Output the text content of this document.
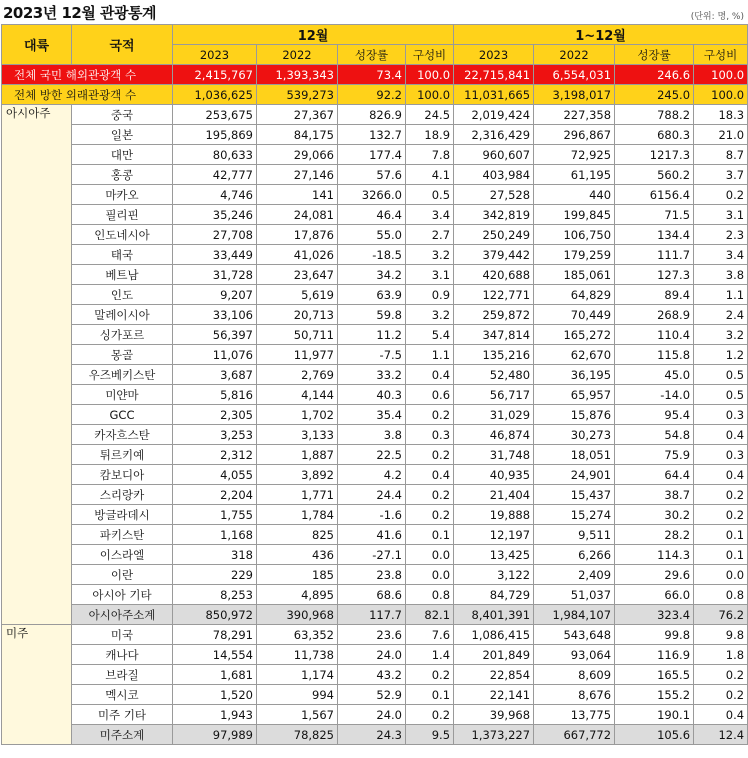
2023년 12월 관광통계	(단위: 명, %)
대륙	국적	12월				1~12월			
		2023	2022	성장률	구성비	2023	2022	성장률	구성비
전체 국민 해외관광객 수		2,415,767	1,393,343	73.4	100.0	22,715,841	6,554,031	246.6	100.0
전체 방한 외래관광객 수		1,036,625	539,273	92.2	100.0	11,031,665	3,198,017	245.0	100.0
아시아주	중국	253,675	27,367	826.9	24.5	2,019,424	227,358	788.2	18.3
	일본	195,869	84,175	132.7	18.9	2,316,429	296,867	680.3	21.0
	대만	80,633	29,066	177.4	7.8	960,607	72,925	1217.3	8.7
	홍콩	42,777	27,146	57.6	4.1	403,984	61,195	560.2	3.7
	마카오	4,746	141	3266.0	0.5	27,528	440	6156.4	0.2
	필리핀	35,246	24,081	46.4	3.4	342,819	199,845	71.5	3.1
	인도네시아	27,708	17,876	55.0	2.7	250,249	106,750	134.4	2.3
	태국	33,449	41,026	-18.5	3.2	379,442	179,259	111.7	3.4
	베트남	31,728	23,647	34.2	3.1	420,688	185,061	127.3	3.8
	인도	9,207	5,619	63.9	0.9	122,771	64,829	89.4	1.1
	말레이시아	33,106	20,713	59.8	3.2	259,872	70,449	268.9	2.4
	싱가포르	56,397	50,711	11.2	5.4	347,814	165,272	110.4	3.2
	몽골	11,076	11,977	-7.5	1.1	135,216	62,670	115.8	1.2
	우즈베키스탄	3,687	2,769	33.2	0.4	52,480	36,195	45.0	0.5
	미얀마	5,816	4,144	40.3	0.6	56,717	65,957	-14.0	0.5
	GCC	2,305	1,702	35.4	0.2	31,029	15,876	95.4	0.3
	카자흐스탄	3,253	3,133	3.8	0.3	46,874	30,273	54.8	0.4
	튀르키예	2,312	1,887	22.5	0.2	31,748	18,051	75.9	0.3
	캄보디아	4,055	3,892	4.2	0.4	40,935	24,901	64.4	0.4
	스리랑카	2,204	1,771	24.4	0.2	21,404	15,437	38.7	0.2
	방글라데시	1,755	1,784	-1.6	0.2	19,888	15,274	30.2	0.2
	파키스탄	1,168	825	41.6	0.1	12,197	9,511	28.2	0.1
	이스라엘	318	436	-27.1	0.0	13,425	6,266	114.3	0.1
	이란	229	185	23.8	0.0	3,122	2,409	29.6	0.0
	아시아 기타	8,253	4,895	68.6	0.8	84,729	51,037	66.0	0.8
	아시아주소계	850,972	390,968	117.7	82.1	8,401,391	1,984,107	323.4	76.2
미주	미국	78,291	63,352	23.6	7.6	1,086,415	543,648	99.8	9.8
	캐나다	14,554	11,738	24.0	1.4	201,849	93,064	116.9	1.8
	브라질	1,681	1,174	43.2	0.2	22,854	8,609	165.5	0.2
	멕시코	1,520	994	52.9	0.1	22,141	8,676	155.2	0.2
	미주 기타	1,943	1,567	24.0	0.2	39,968	13,775	190.1	0.4
	미주소계	97,989	78,825	24.3	9.5	1,373,227	667,772	105.6	12.4
